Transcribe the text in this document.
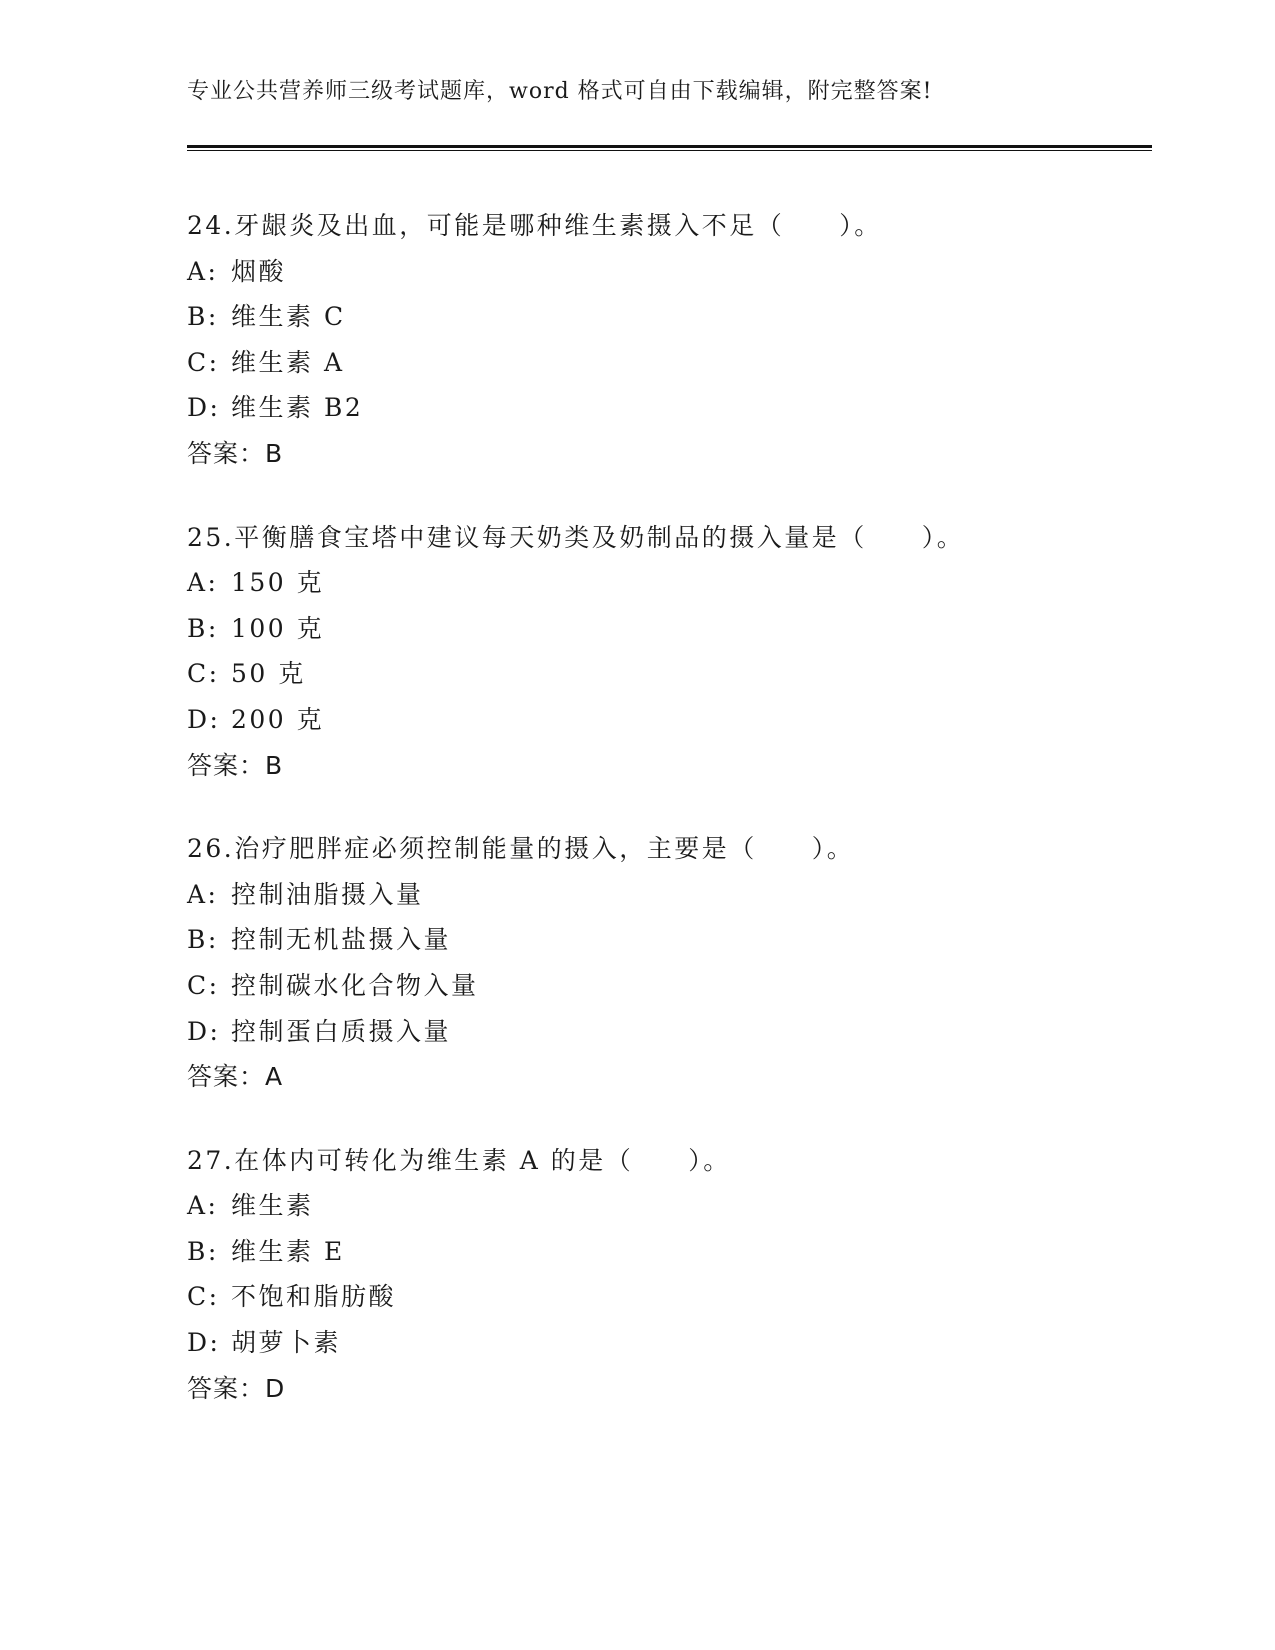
专业公共营养师三级考试题库，word 格式可自由下载编辑，附完整答案!
24.牙龈炎及出血，可能是哪种维生素摄入不足（　　）。
A: 烟酸
B: 维生素 C
C: 维生素 A
D: 维生素 B2
答案：B
25.平衡膳食宝塔中建议每天奶类及奶制品的摄入量是（　　）。
A: 150 克
B: 100 克
C: 50 克
D: 200 克
答案：B
26.治疗肥胖症必须控制能量的摄入，主要是（　　）。
A: 控制油脂摄入量
B: 控制无机盐摄入量
C: 控制碳水化合物入量
D: 控制蛋白质摄入量
答案：A
27.在体内可转化为维生素 A 的是（　　）。
A: 维生素
B: 维生素 E
C: 不饱和脂肪酸
D: 胡萝卜素
答案：D
